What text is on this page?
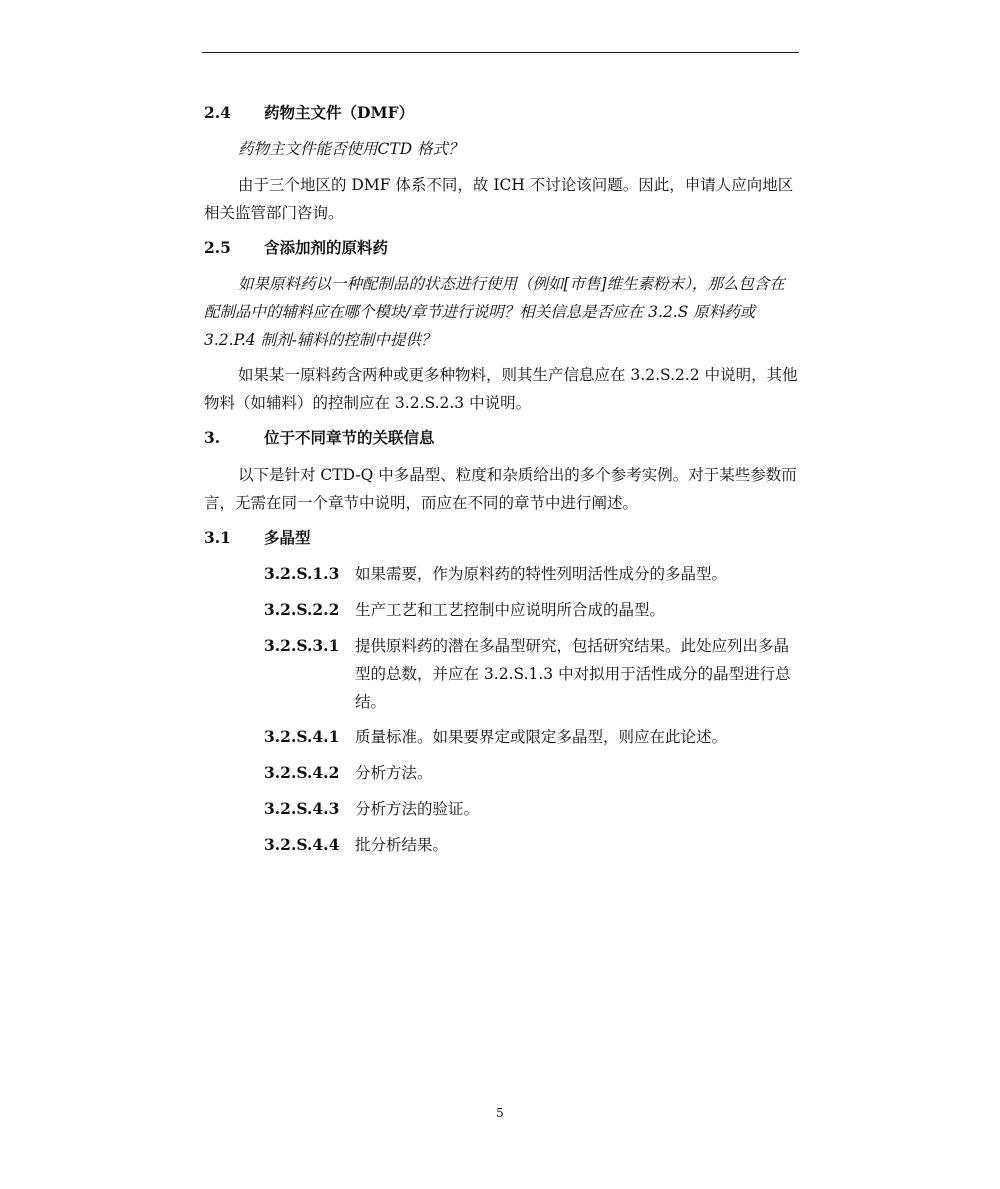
2.4 药物主文件（DMF）
药物主文件能否使用CTD 格式？
由于三个地区的 DMF 体系不同，故 ICH 不讨论该问题。因此，申请人应向地区相关监管部门咨询。
2.5 含添加剂的原料药
如果原料药以一种配制品的状态进行使用（例如[市售]维生素粉末），那么包含在配制品中的辅料应在哪个模块/章节进行说明？相关信息是否应在 3.2.S 原料药或 3.2.P.4 制剂-辅料的控制中提供？
如果某一原料药含两种或更多种物料，则其生产信息应在 3.2.S.2.2 中说明，其他物料（如辅料）的控制应在 3.2.S.2.3 中说明。
3.	位于不同章节的关联信息
以下是针对 CTD-Q 中多晶型、粒度和杂质给出的多个参考实例。对于某些参数而言，无需在同一个章节中说明，而应在不同的章节中进行阐述。
3.1 多晶型
3.2.S.1.3 如果需要，作为原料药的特性列明活性成分的多晶型。
3.2.S.2.2 生产工艺和工艺控制中应说明所合成的晶型。
3.2.S.3.1 提供原料药的潜在多晶型研究，包括研究结果。此处应列出多晶型的总数，并应在 3.2.S.1.3 中对拟用于活性成分的晶型进行总结。
3.2.S.4.1 质量标准。如果要界定或限定多晶型，则应在此论述。
3.2.S.4.2 分析方法。
3.2.S.4.3 分析方法的验证。
3.2.S.4.4 批分析结果。
5
